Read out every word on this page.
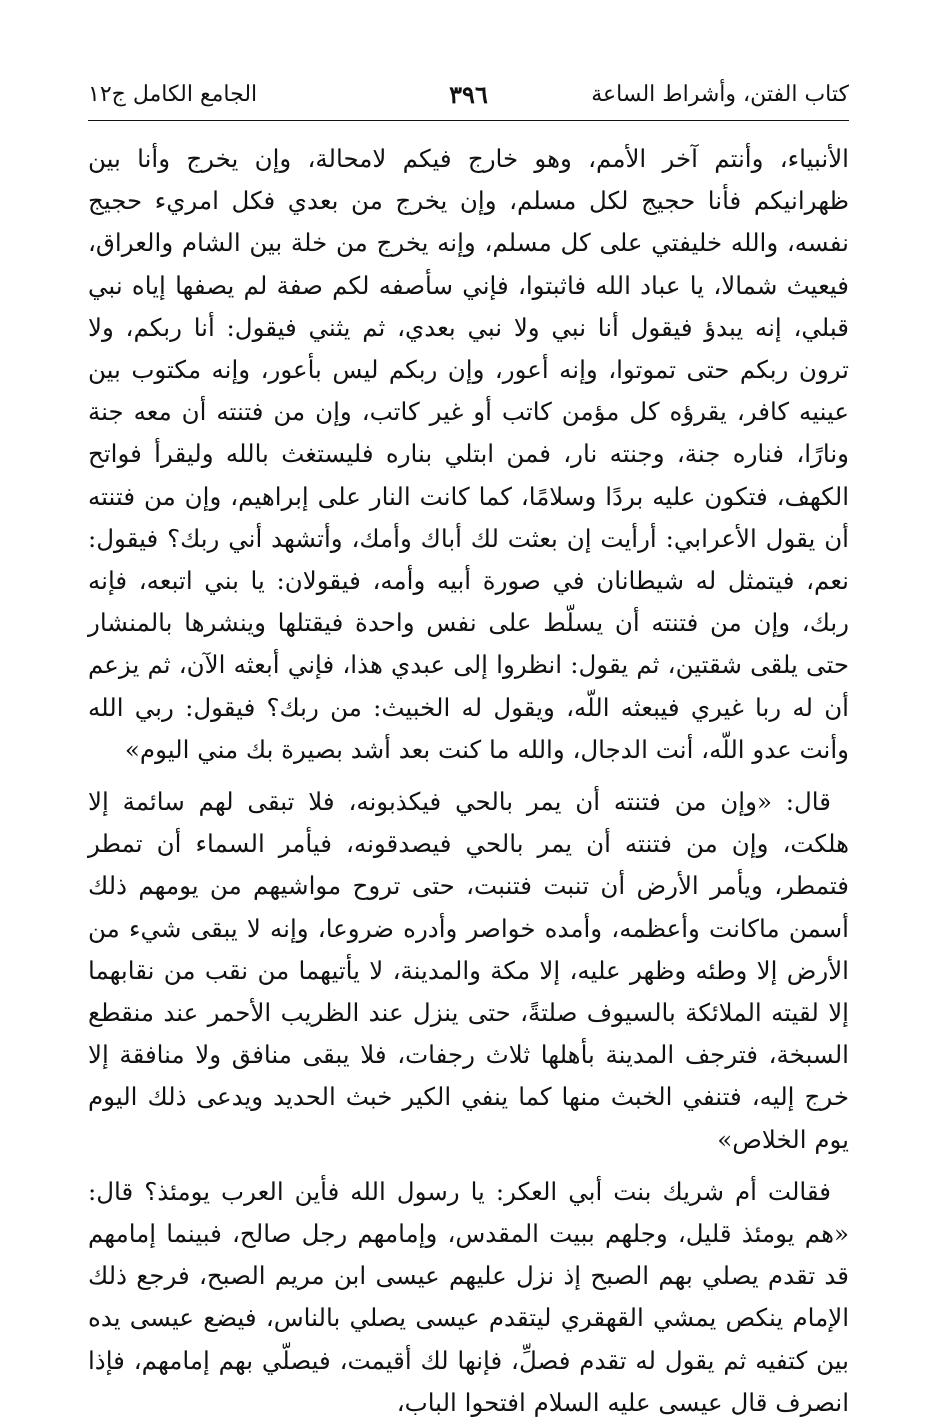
كتاب الفتن، وأشراط الساعة
٣٩٦
الجامع الكامل ج١٢

الأنبياء، وأنتم آخر الأمم، وهو خارج فيكم لامحالة، وإن يخرج وأنا بين ظهرانيكم فأنا حجيج لكل مسلم، وإن يخرج من بعدي فكل امريء حجيج نفسه، والله خليفتي على كل مسلم، وإنه يخرج من خلة بين الشام والعراق، فيعيث شمالا، يا عباد الله فاثبتوا، فإني سأصفه لكم صفة لم يصفها إياه نبي قبلي، إنه يبدؤ فيقول أنا نبي ولا نبي بعدي، ثم يثني فيقول: أنا ربكم، ولا ترون ربكم حتى تموتوا، وإنه أعور، وإن ربكم ليس بأعور، وإنه مكتوب بين عينيه كافر، يقرؤه كل مؤمن كاتب أو غير كاتب، وإن من فتنته أن معه جنة ونارًا، فناره جنة، وجنته نار، فمن ابتلي بناره فليستغث بالله وليقرأ فواتح الكهف، فتكون عليه بردًا وسلامًا، كما كانت النار على إبراهيم، وإن من فتنته أن يقول الأعرابي: أرأيت إن بعثت لك أباك وأمك، وأتشهد أني ربك؟ فيقول: نعم، فيتمثل له شيطانان في صورة أبيه وأمه، فيقولان: يا بني اتبعه، فإنه ربك، وإن من فتنته أن يسلّط على نفس واحدة فيقتلها وينشرها بالمنشار حتى يلقى شقتين، ثم يقول: انظروا إلى عبدي هذا، فإني أبعثه الآن، ثم يزعم أن له ربا غيري فيبعثه اللّه، ويقول له الخبيث: من ربك؟ فيقول: ربي الله وأنت عدو اللّه، أنت الدجال، والله ما كنت بعد أشد بصيرة بك مني اليوم»

قال: «وإن من فتنته أن يمر بالحي فيكذبونه، فلا تبقى لهم سائمة إلا هلكت، وإن من فتنته أن يمر بالحي فيصدقونه، فيأمر السماء أن تمطر فتمطر، ويأمر الأرض أن تنبت فتنبت، حتى تروح مواشيهم من يومهم ذلك أسمن ماكانت وأعظمه، وأمده خواصر وأدره ضروعا، وإنه لا يبقى شيء من الأرض إلا وطئه وظهر عليه، إلا مكة والمدينة، لا يأتيهما من نقب من نقابهما إلا لقيته الملائكة بالسيوف صلتةً، حتى ينزل عند الظريب الأحمر عند منقطع السبخة، فترجف المدينة بأهلها ثلاث رجفات، فلا يبقى منافق ولا منافقة إلا خرج إليه، فتنفي الخبث منها كما ينفي الكير خبث الحديد ويدعى ذلك اليوم يوم الخلاص»

فقالت أم شريك بنت أبي العكر: يا رسول الله فأين العرب يومئذ؟ قال: «هم يومئذ قليل، وجلهم ببيت المقدس، وإمامهم رجل صالح، فبينما إمامهم قد تقدم يصلي بهم الصبح إذ نزل عليهم عيسى ابن مريم الصبح، فرجع ذلك الإمام ينكص يمشي القهقري ليتقدم عيسى يصلي بالناس، فيضع عيسى يده بين كتفيه ثم يقول له تقدم فصلِّ، فإنها لك أقيمت، فيصلّي بهم إمامهم، فإذا انصرف قال عيسى عليه السلام افتحوا الباب،
